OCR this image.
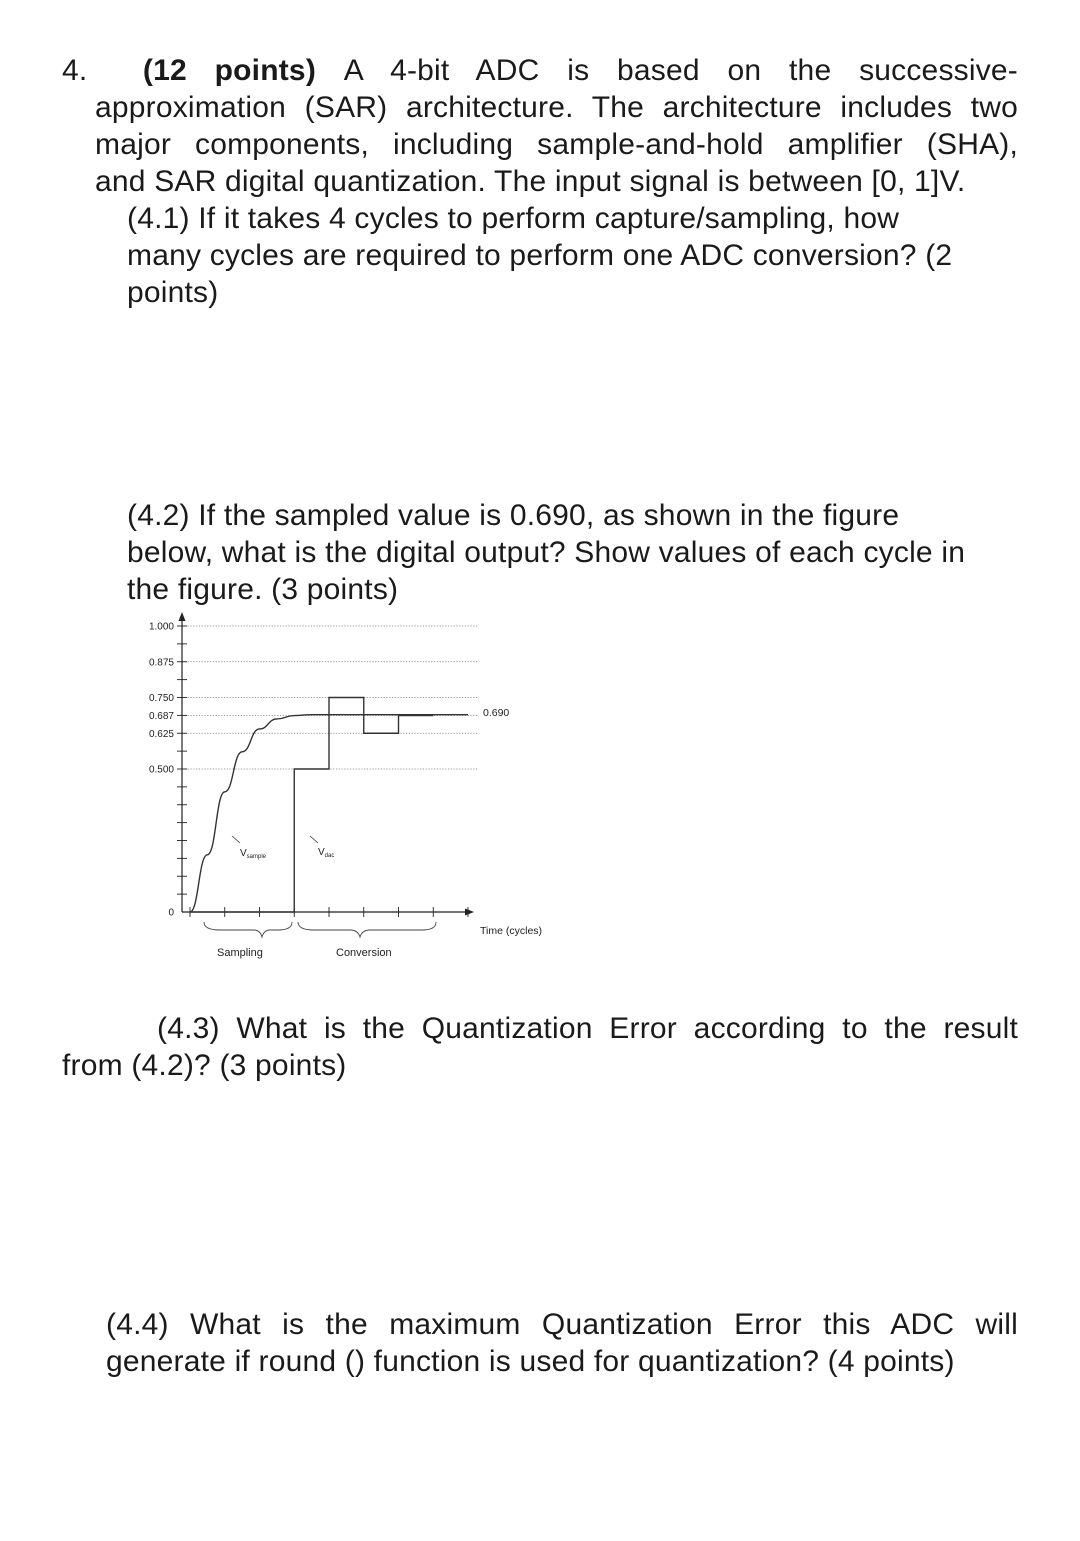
4. (12 points) A 4-bit ADC is based on the successive-
approximation (SAR) architecture. The architecture includes two
major components, including sample-and-hold amplifier (SHA),
and SAR digital quantization. The input signal is between [0, 1]V.
(4.1) If it takes 4 cycles to perform capture/sampling, how
many cycles are required to perform one ADC conversion? (2
points)
(4.2) If the sampled value is 0.690, as shown in the figure
below, what is the digital output? Show values of each cycle in
the figure. (3 points)
1.000
0.875
0.750
0.687
0.625
0.500
0
$V_{sample}$	$V_{dac}$
0.690
Time (cycles)
Sampling	Conversion
(4.3) What is the Quantization Error according to the result
from (4.2)? (3 points)
(4.4) What is the maximum Quantization Error this ADC will
generate if round () function is used for quantization? (4 points)
